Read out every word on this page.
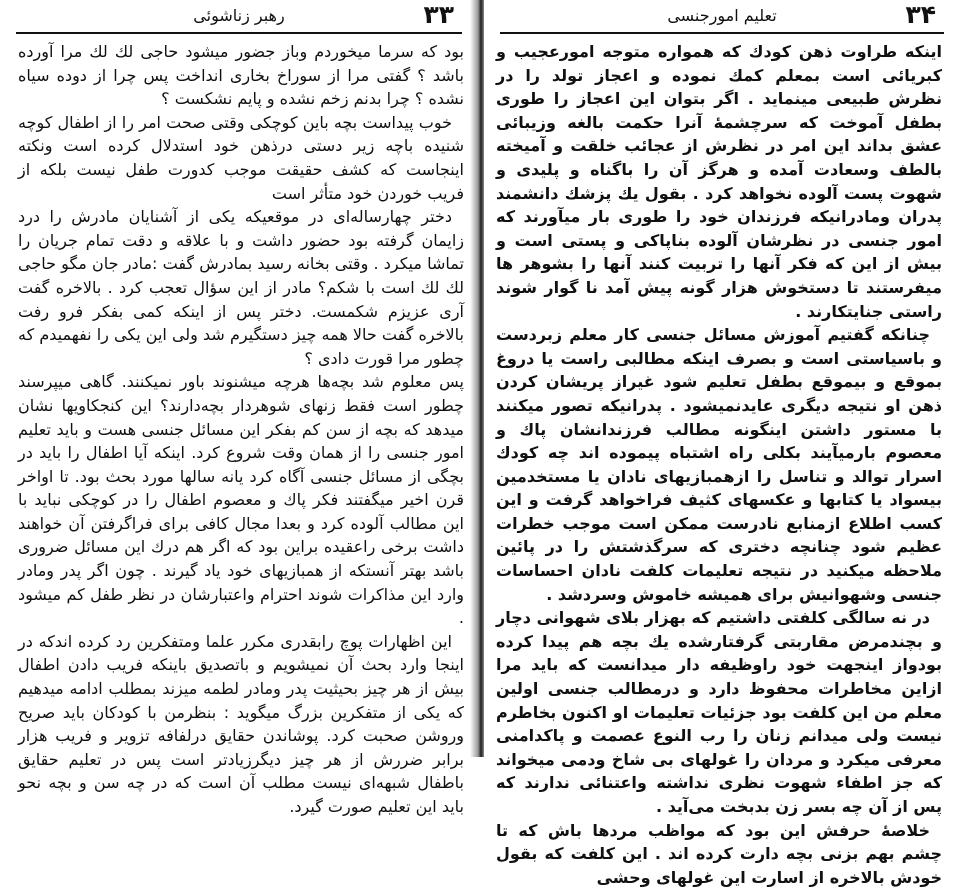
۳۳
رهبر زناشوئی

بود که سرما میخوردم وباز جضور میشود حاجی لك لك مرا آورده باشد ؟ گفتی مرا از سوراخ بخاری انداخت پس چرا از دوده سیاه نشده ؟ چرا بدنم زخم نشده و پایم نشکست ؟

خوب پیداست بچه باین کوچکی وقتی صحت امر را از اطفال کوچه شنیده باچه زیر دستی درذهن خود استدلال کرده است ونکته اینجاست که کشف حقیقت موجب کدورت طفل نیست بلکه از فریب خوردن خود متأثر است

دختر چهارساله‌ای در موقعیکه یکی از آشنایان مادرش را درد زایمان گرفته بود حضور داشت و با علاقه و دقت تمام جریان را تماشا میکرد . وقتی بخانه رسید بمادرش گفت :مادر جان مگو حاجی لك لك است با شکم؟ مادر از این سؤال تعجب کرد . بالاخره گفت آری عزیزم شکمست. دختر پس از اینکه کمی بفکر فرو رفت بالاخره گفت حالا همه چیز دستگیرم شد ولی این یکی را نفهمیدم که چطور مرا قورت دادی ؟

پس معلوم شد بچه‌ها هرچه میشنوند باور نمیکنند. گاهی میپرسند چطور است فقط زنهای شوهردار بچه‌دارند؟ این کنجکاویها نشان میدهد که بچه از سن کم بفکر این مسائل جنسی هست و باید تعلیم امور جنسی را از همان وقت شروع کرد. اینکه آیا اطفال را باید در بچگی از مسائل جنسی آگاه کرد یانه سالها مورد بحث بود. تا اواخر قرن اخیر میگفتند فکر پاك و معصوم اطفال را در کوچکی نباید با این مطالب آلوده کرد و بعدا مجال کافی برای فراگرفتن آن خواهند داشت برخی راعقیده براین بود که اگر هم درك این مسائل ضروری باشد بهتر آنستکه از همبازیهای خود یاد گیرند . چون اگر پدر ومادر وارد این مذاکرات شوند احترام واعتبارشان در نظر طفل کم میشود .

این اظهارات پوچ رابقدری مکرر علما ومتفکرین رد کرده اندکه در اینجا وارد بحث آن نمیشویم و باتصدیق باینکه فریب دادن اطفال بیش از هر چیز بحیثیت پدر ومادر لطمه میزند بمطلب ادامه میدهیم که یکی از متفکرین بزرگ میگوید : بنظرمن با کودکان باید صریح وروشن صحبت کرد. پوشاندن حقایق درلفافه تزویر و فریب هزار برابر ضررش از هر چیز دیگرزیادتر است پس در تعلیم حقایق باطفال شبهه‌ای نیست مطلب آن است که در چه سن و بچه نحو باید این تعلیم صورت گیرد.

۳۴
تعلیم امورجنسی

اینکه طراوت ذهن کودك که همواره متوجه امورعجیب و کبریائی است بمعلم کمك نموده و اعجاز تولد را در نظرش طبیعی مینماید . اگر بتوان این اعجاز را طوری بطفل آموخت که سرچشمهٔ آنرا حکمت بالغه وزیبائی عشق بداند این امر در نظرش از عجائب خلقت و آمیخته بالطف وسعادت آمده و هرگز آن را باگناه و پلیدی و شهوت پست آلوده نخواهد کرد . بقول یك پزشك دانشمند پدران ومادرانیکه فرزندان خود را طوری بار میآورند که امور جنسی در نظرشان آلوده بناپاکی و پستی است و بیش از این که فکر آنها را تربیت کنند آنها را بشوهر ها میفرستند تا دستخوش هزار گونه پیش آمد نا گوار شوند راستی جنایتکارند .

چنانکه گفتیم آموزش مسائل جنسی کار معلم زبردست و باسیاستی است و بصرف اینکه مطالبی راست یا دروغ بموقع و بیموقع بطفل تعلیم شود غیراز پریشان کردن ذهن او نتیجه دیگری عایدنمیشود . پدرانیکه تصور میکنند با مستور داشتن اینگونه مطالب فرزندانشان پاك و معصوم بارمیآیند بکلی راه اشتباه پیموده اند چه کودك اسرار توالد و تناسل را ازهمبازیهای نادان یا مستخدمین بیسواد یا کتابها و عکسهای کثیف فراخواهد گرفت و این کسب اطلاع ازمنابع نادرست ممکن است موجب خطرات عظیم شود چنانچه دختری که سرگذشتش را در پائین ملاحظه میکنید در نتیجه تعلیمات کلفت نادان احساسات جنسی وشهوانیش برای همیشه خاموش وسردشد .

در نه سالگی کلفتی داشتیم که بهزار بلای شهوانی دچار و بچندمرض مقاربتی گرفتارشده یك بچه هم پیدا کرده بودواز اینجهت خود راوظیفه دار میدانست که باید مرا ازاین مخاطرات محفوظ دارد و درمطالب جنسی اولین معلم من این کلفت بود جزئیات تعلیمات او اکنون بخاطرم نیست ولی میدانم زنان را رب النوع عصمت و پاکدامنی معرفی میکرد و مردان را غولهای بی شاخ ودمی میخواند که جز اطفاء شهوت نظری نداشته واعتنائی ندارند که پس از آن چه بسر زن بدبخت می‌آید .

خلاصهٔ حرفش این بود که مواظب مردها باش که تا چشم بهم بزنی بچه دارت کرده اند . این کلفت که بقول خودش بالاخره از اسارت این غولهای وحشی
